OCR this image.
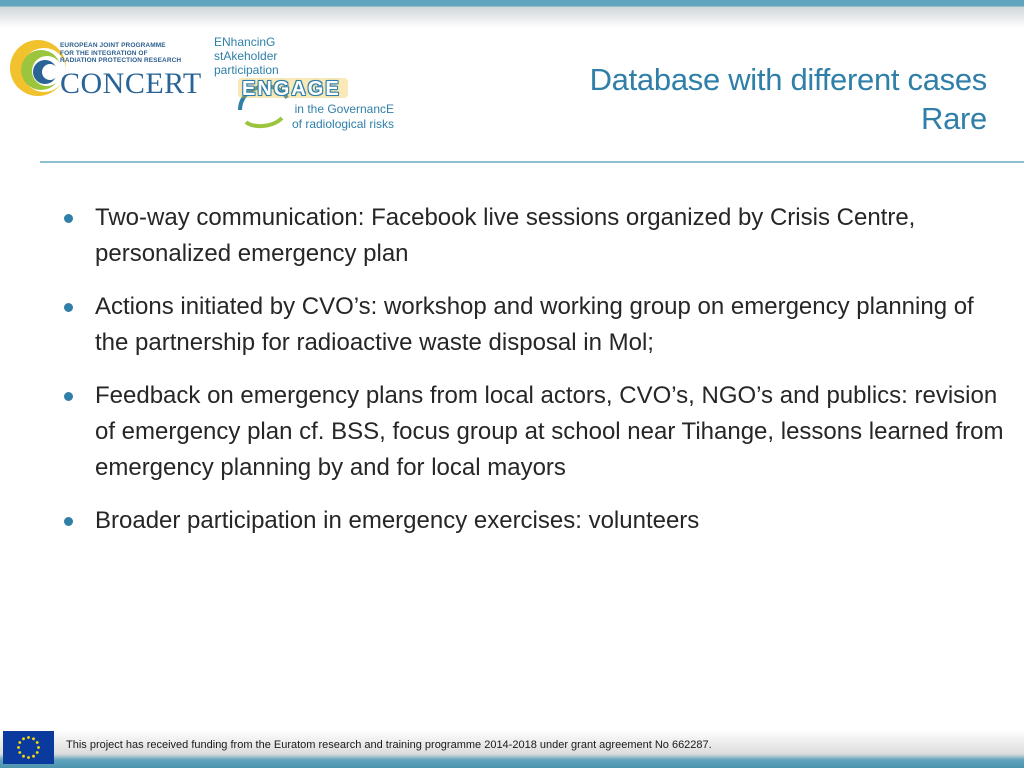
EUROPEAN JOINT PROGRAMME
FOR THE INTEGRATION OF
RADIATION PROTECTION RESEARCH
CONCERT
ENhancinG
stAkeholder
participation
ENGAGE
in the GovernancE
of radiological risks
Database with different cases
Rare
Two-way communication: Facebook live sessions organized by Crisis Centre, personalized emergency plan
Actions initiated by CVO’s: workshop and working group on emergency planning of the partnership for radioactive waste disposal in Mol;
Feedback on emergency plans from local actors, CVO’s, NGO’s and publics: revision of emergency plan cf. BSS, focus group at school near Tihange, lessons learned from emergency planning by and for local mayors
Broader participation in emergency exercises: volunteers
This project has received funding from the Euratom research and training programme 2014-2018 under grant agreement No 662287.
